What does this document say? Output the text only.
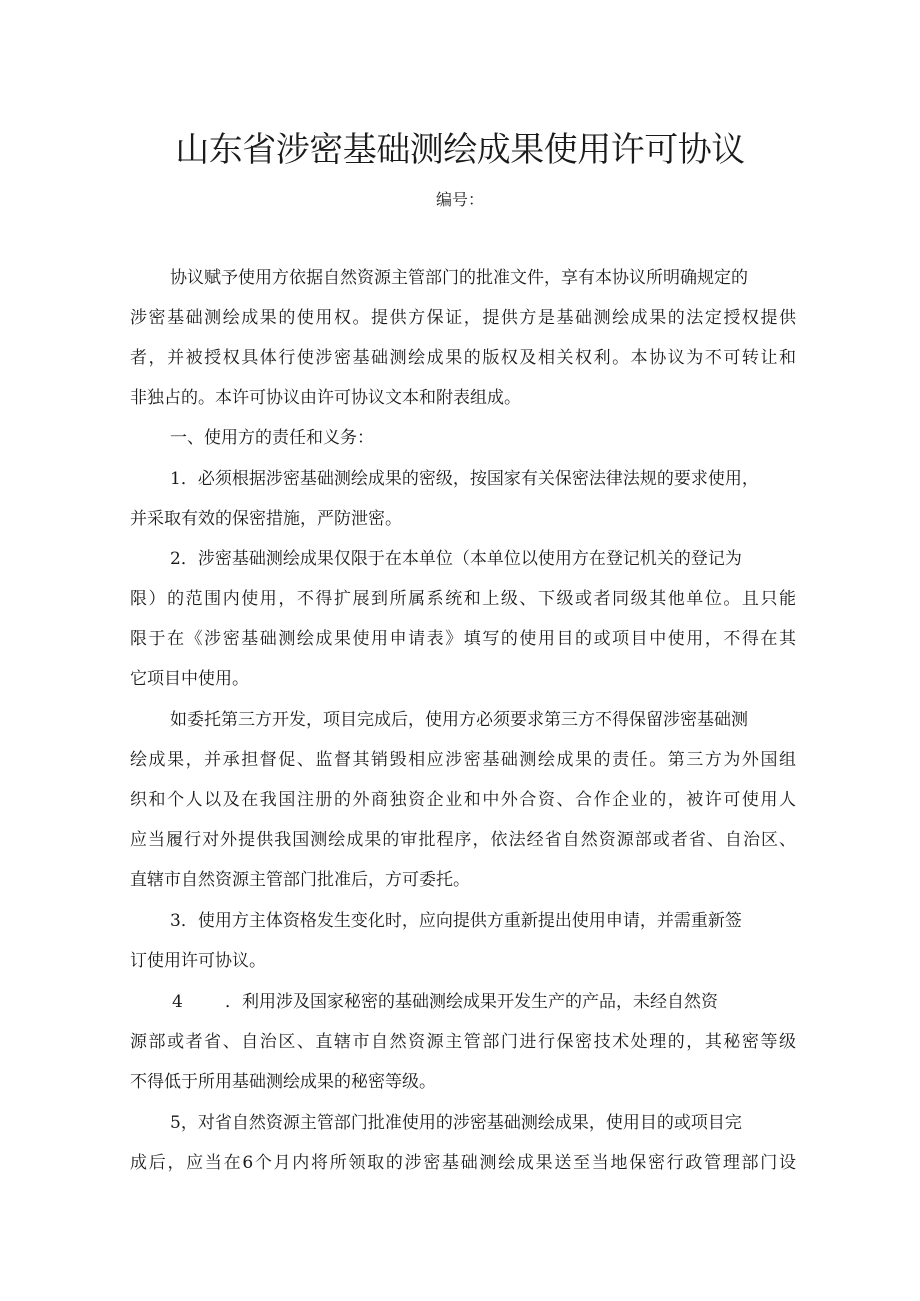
山东省涉密基础测绘成果使用许可协议

编号：

协议赋予使用方依据自然资源主管部门的批准文件，享有本协议所明确规定的

涉密基础测绘成果的使用权。提供方保证，提供方是基础测绘成果的法定授权提供

者，并被授权具体行使涉密基础测绘成果的版权及相关权利。本协议为不可转让和

非独占的。本许可协议由许可协议文本和附表组成。

一、使用方的责任和义务：

1．必须根据涉密基础测绘成果的密级，按国家有关保密法律法规的要求使用，

并采取有效的保密措施，严防泄密。

2．涉密基础测绘成果仅限于在本单位（本单位以使用方在登记机关的登记为

限）的范围内使用，不得扩展到所属系统和上级、下级或者同级其他单位。且只能

限于在《涉密基础测绘成果使用申请表》填写的使用目的或项目中使用，不得在其

它项目中使用。

如委托第三方开发，项目完成后，使用方必须要求第三方不得保留涉密基础测

绘成果，并承担督促、监督其销毁相应涉密基础测绘成果的责任。第三方为外国组

织和个人以及在我国注册的外商独资企业和中外合资、合作企业的，被许可使用人

应当履行对外提供我国测绘成果的审批程序，依法经省自然资源部或者省、自治区、

直辖市自然资源主管部门批准后，方可委托。

3．使用方主体资格发生变化时，应向提供方重新提出使用申请，并需重新签

订使用许可协议。

4 ．利用涉及国家秘密的基础测绘成果开发生产的产品，未经自然资

源部或者省、自治区、直辖市自然资源主管部门进行保密技术处理的，其秘密等级

不得低于所用基础测绘成果的秘密等级。

5，对省自然资源主管部门批准使用的涉密基础测绘成果，使用目的或项目完

成后，应当在6个月内将所领取的涉密基础测绘成果送至当地保密行政管理部门设
